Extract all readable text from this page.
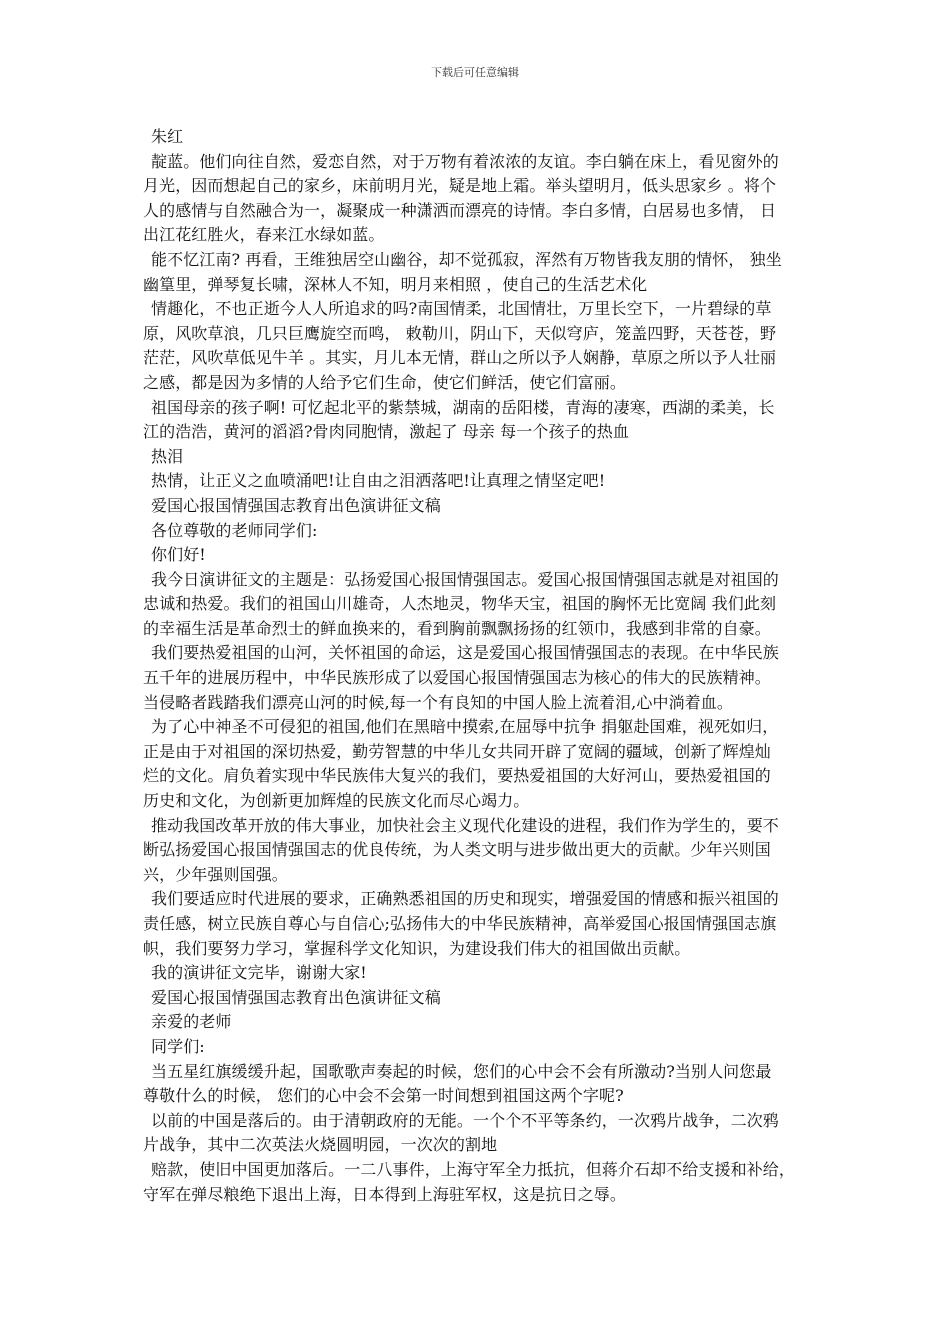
下载后可任意编辑

朱红

靛蓝。他们向往自然，爱恋自然，对于万物有着浓浓的友谊。李白躺在床上，看见窗外的
月光，因而想起自己的家乡，床前明月光，疑是地上霜。举头望明月，低头思家乡 。将个
人的感情与自然融合为一，凝聚成一种潇洒而漂亮的诗情。李白多情，白居易也多情， 日
出江花红胜火，春来江水绿如蓝。

能不忆江南? 再看，王维独居空山幽谷，却不觉孤寂，浑然有万物皆我友朋的情怀， 独坐
幽篁里，弹琴复长啸，深林人不知，明月来相照 ，使自己的生活艺术化

情趣化，不也正逝今人人所追求的吗?南国情柔，北国情壮，万里长空下，一片碧绿的草
原，风吹草浪，几只巨鹰旋空而鸣， 敕勒川，阴山下，天似穹庐，笼盖四野，天苍苍，野
茫茫，风吹草低见牛羊 。其实，月儿本无情，群山之所以予人娴静，草原之所以予人壮丽
之感，都是因为多情的人给予它们生命，使它们鲜活，使它们富丽。

祖国母亲的孩子啊! 可忆起北平的紫禁城，湖南的岳阳楼，青海的凄寒，西湖的柔美，长
江的浩浩，黄河的滔滔?骨肉同胞情，激起了 母亲 每一个孩子的热血

热泪

热情，让正义之血喷涌吧!让自由之泪洒落吧!让真理之情坚定吧!

爱国心报国情强国志教育出色演讲征文稿

各位尊敬的老师同学们:

你们好!

我今日演讲征文的主题是：弘扬爱国心报国情强国志。爱国心报国情强国志就是对祖国的
忠诚和热爱。我们的祖国山川雄奇，人杰地灵，物华天宝，祖国的胸怀无比宽阔 我们此刻
的幸福生活是革命烈士的鲜血换来的，看到胸前飘飘扬扬的红领巾，我感到非常的自豪。

我们要热爱祖国的山河，关怀祖国的命运，这是爱国心报国情强国志的表现。在中华民族
五千年的进展历程中，中华民族形成了以爱国心报国情强国志为核心的伟大的民族精神。
当侵略者践踏我们漂亮山河的时候,每一个有良知的中国人脸上流着泪,心中淌着血。

为了心中神圣不可侵犯的祖国,他们在黑暗中摸索,在屈辱中抗争 捐躯赴国难，视死如归，
正是由于对祖国的深切热爱，勤劳智慧的中华儿女共同开辟了宽阔的疆域，创新了辉煌灿
烂的文化。肩负着实现中华民族伟大复兴的我们，要热爱祖国的大好河山，要热爱祖国的
历史和文化，为创新更加辉煌的民族文化而尽心竭力。

推动我国改革开放的伟大事业，加快社会主义现代化建设的进程，我们作为学生的，要不
断弘扬爱国心报国情强国志的优良传统，为人类文明与进步做出更大的贡献。少年兴则国
兴，少年强则国强。

我们要适应时代进展的要求，正确熟悉祖国的历史和现实，增强爱国的情感和振兴祖国的
责任感，树立民族自尊心与自信心;弘扬伟大的中华民族精神，高举爱国心报国情强国志旗
帜，我们要努力学习，掌握科学文化知识，为建设我们伟大的祖国做出贡献。

我的演讲征文完毕，谢谢大家!

爱国心报国情强国志教育出色演讲征文稿

亲爱的老师

同学们:

当五星红旗缓缓升起，国歌歌声奏起的时候，您们的心中会不会有所激动?当别人问您最
尊敬什么的时候， 您们的心中会不会第一时间想到祖国这两个字呢?

以前的中国是落后的。由于清朝政府的无能。一个个不平等条约，一次鸦片战争，二次鸦
片战争，其中二次英法火烧圆明园，一次次的割地

赔款，使旧中国更加落后。一二八事件，上海守军全力抵抗，但蒋介石却不给支援和补给，
守军在弹尽粮绝下退出上海，日本得到上海驻军权，这是抗日之辱。
